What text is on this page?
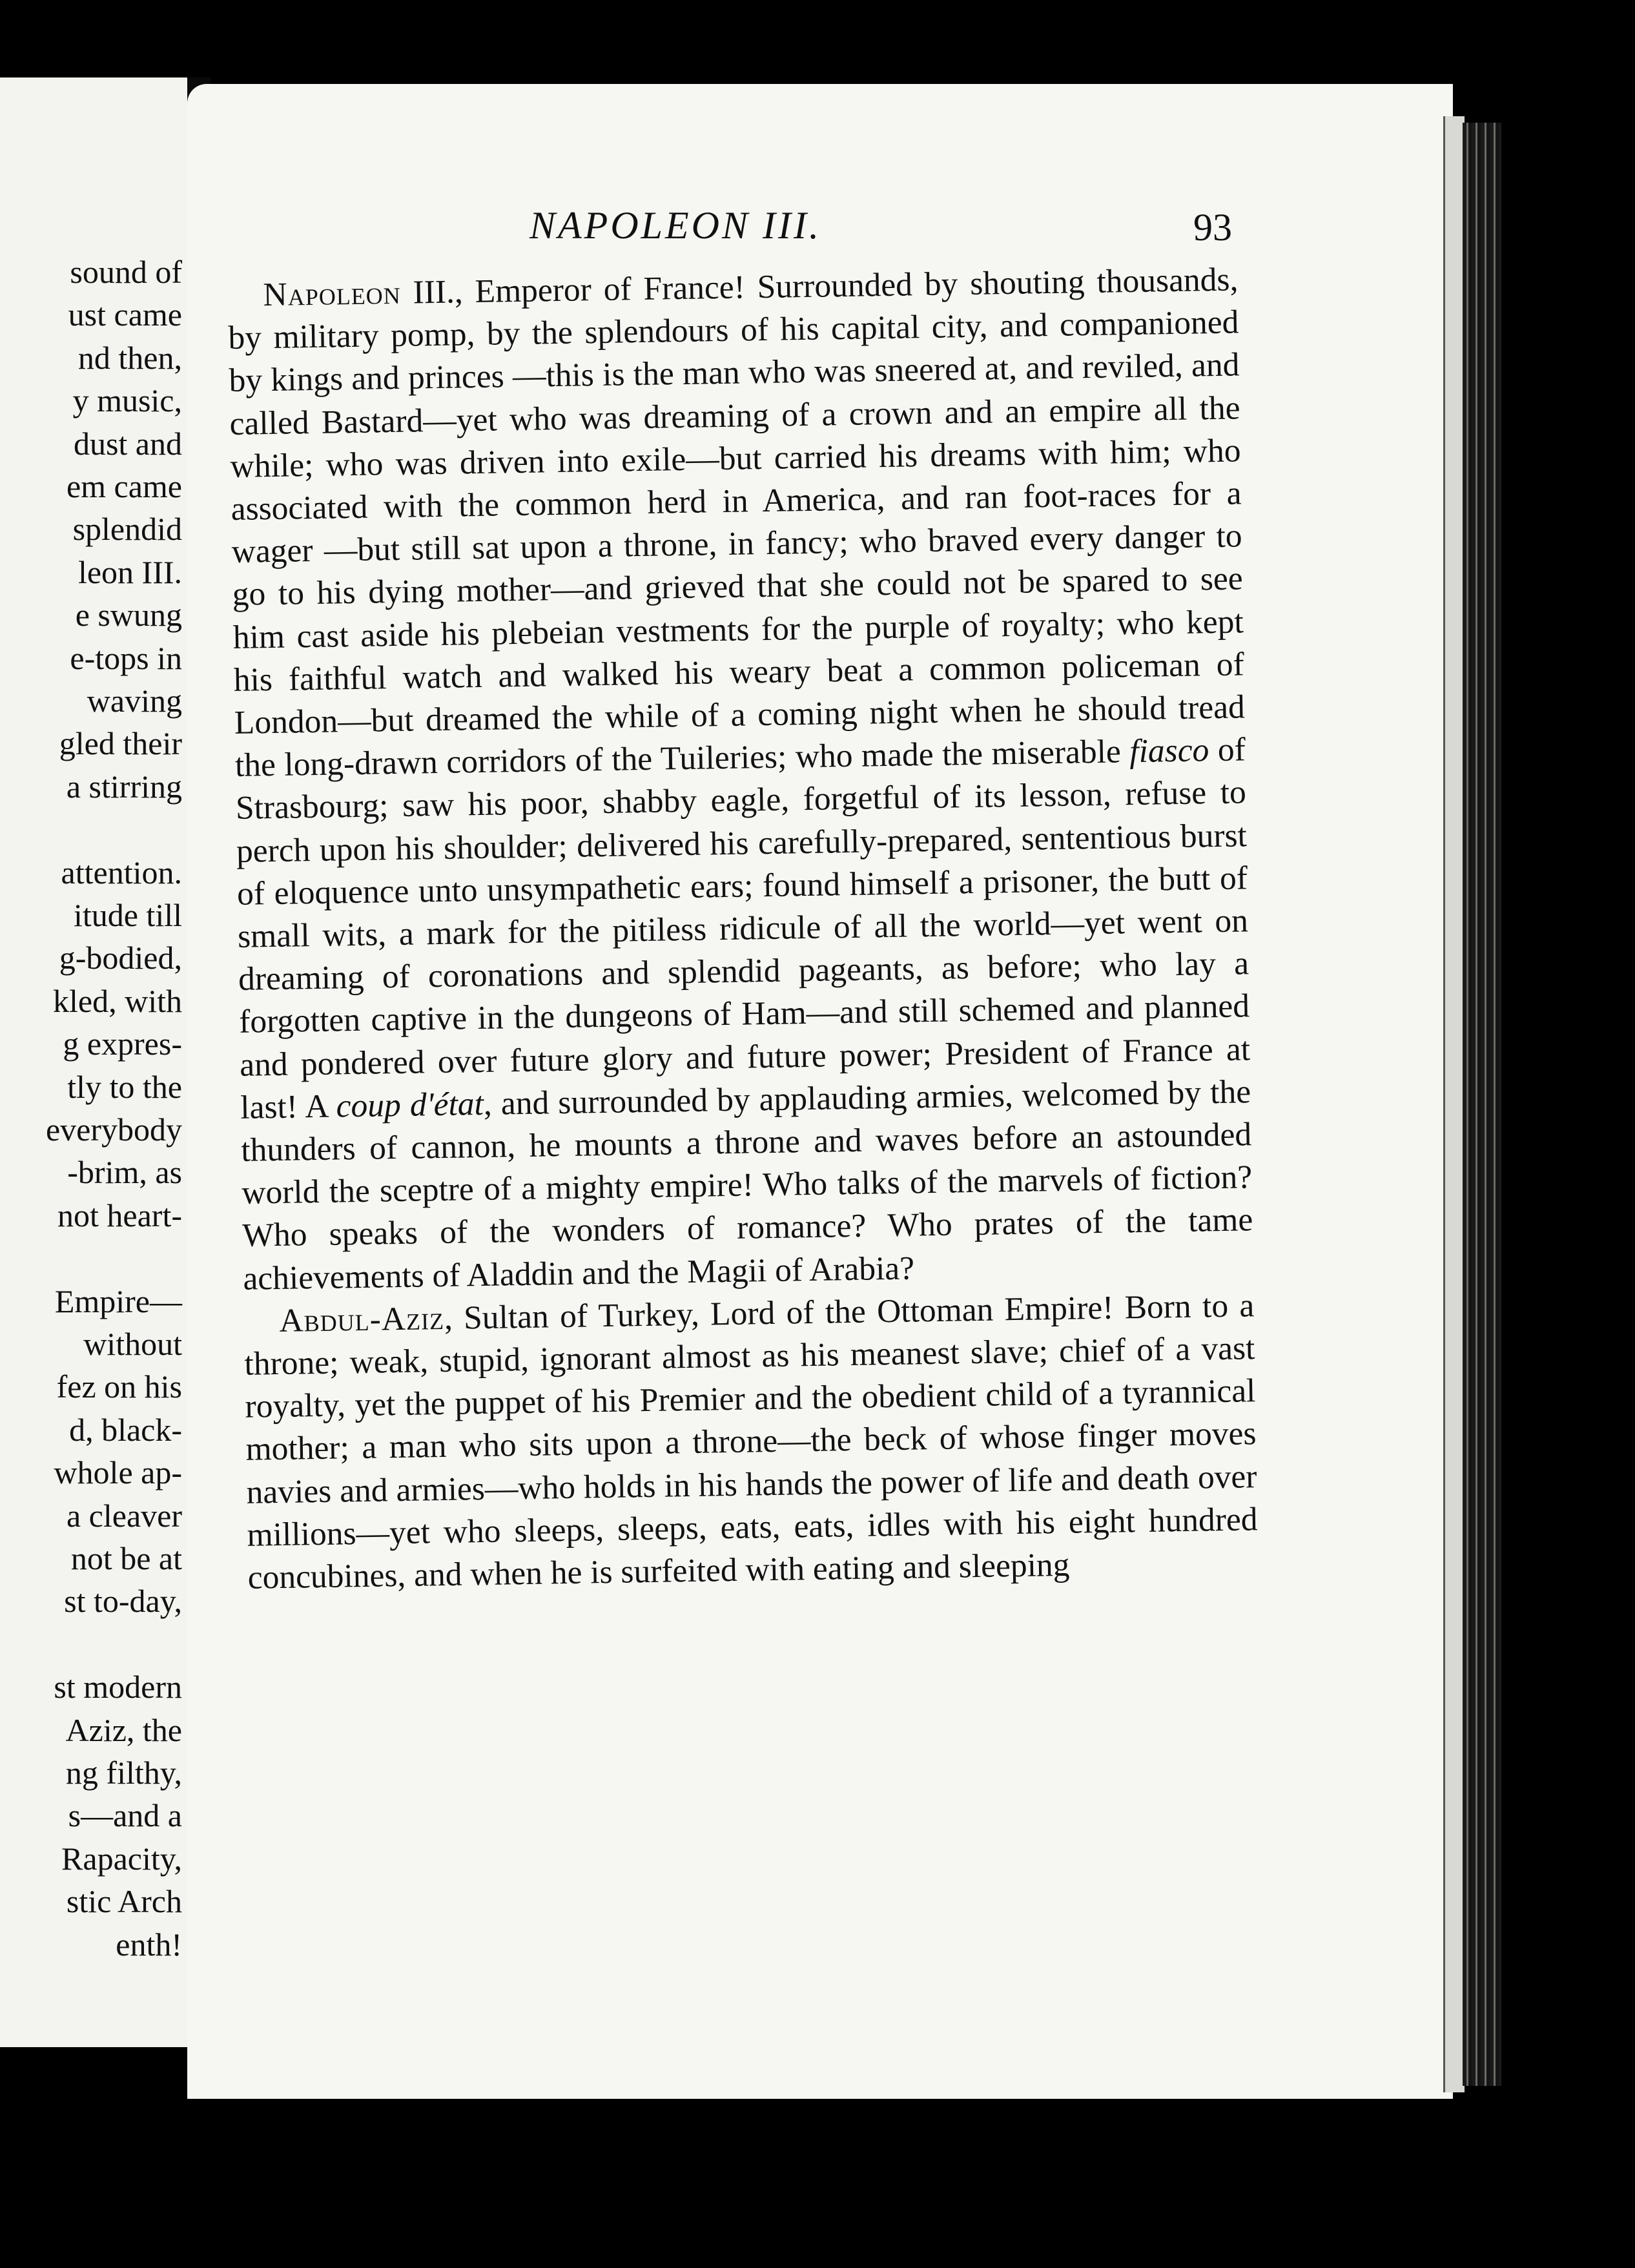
sound of
ust came
nd then,
y music,
dust and
em came
splendid
leon III.
e swung
e-tops in
waving
gled their
a stirring
attention.
itude till
g-bodied,
kled, with
g expres-
tly to the
everybody
-brim, as
not heart-
Empire—
without
fez on his
d, black-
whole ap-
a cleaver
not be at
st to-day,
st modern
Aziz, the
ng filthy,
s—and a
Rapacity,
stic Arch
enth!
NAPOLEON III.	93

Napoleon III., Emperor of France! Surrounded by shouting thousands, by military pomp, by the splendours of his capital city, and companioned by kings and princes —this is the man who was sneered at, and reviled, and called Bastard—yet who was dreaming of a crown and an empire all the while; who was driven into exile—but carried his dreams with him; who associated with the common herd in America, and ran foot-races for a wager —but still sat upon a throne, in fancy; who braved every danger to go to his dying mother—and grieved that she could not be spared to see him cast aside his plebeian vestments for the purple of royalty; who kept his faithful watch and walked his weary beat a common policeman of London—but dreamed the while of a coming night when he should tread the long-drawn corridors of the Tuileries; who made the miserable fiasco of Strasbourg; saw his poor, shabby eagle, forgetful of its lesson, refuse to perch upon his shoulder; delivered his carefully-prepared, sententious burst of eloquence unto unsympathetic ears; found himself a prisoner, the butt of small wits, a mark for the pitiless ridicule of all the world—yet went on dreaming of coronations and splendid pageants, as before; who lay a forgotten captive in the dungeons of Ham—and still schemed and planned and pondered over future glory and future power; President of France at last! A coup d'état, and surrounded by applauding armies, welcomed by the thunders of cannon, he mounts a throne and waves before an astounded world the sceptre of a mighty empire! Who talks of the marvels of fiction? Who speaks of the wonders of romance? Who prates of the tame achievements of Aladdin and the Magii of Arabia?

Abdul-Aziz, Sultan of Turkey, Lord of the Ottoman Empire! Born to a throne; weak, stupid, ignorant almost as his meanest slave; chief of a vast royalty, yet the puppet of his Premier and the obedient child of a tyrannical mother; a man who sits upon a throne—the beck of whose finger moves navies and armies—who holds in his hands the power of life and death over millions—yet who sleeps, sleeps, eats, eats, idles with his eight hundred concubines, and when he is surfeited with eating and sleeping
